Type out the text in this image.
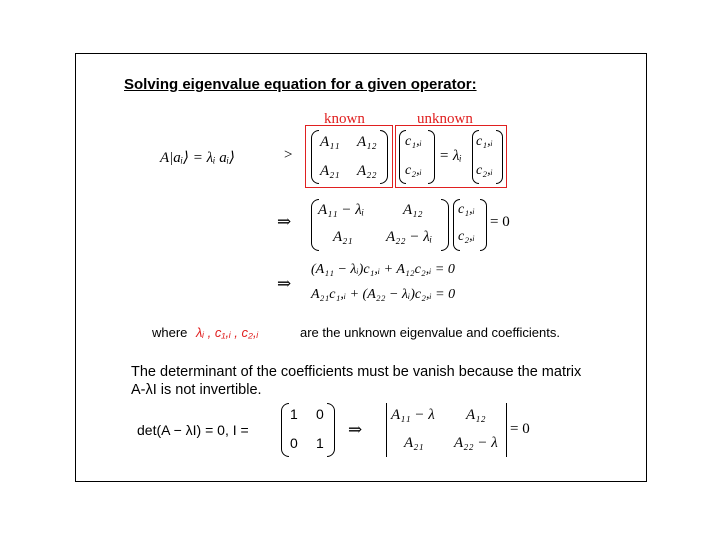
Solving eigenvalue equation for a given operator:
known	unknown
A|aᵢ⟩ = λᵢ aᵢ⟩	>
A₁₁ A₁₂
A₂₁ A₂₂
c₁,ᵢ
c₂,ᵢ
= λᵢ
c₁,ᵢ
c₂,ᵢ
⇒
A₁₁ − λᵢ	A₁₂
A₂₁ A₂₂ − λᵢ
c₁,ᵢ
c₂,ᵢ
= 0
⇒
(A₁₁ − λᵢ)c₁,ᵢ + A₁₂c₂,ᵢ = 0
A₂₁c₁,ᵢ + (A₂₂ − λᵢ)c₂,ᵢ = 0
where λᵢ , c₁,ᵢ , c₂,ᵢ	are the unknown eigenvalue and coefficients.
The determinant of the coefficients must be vanish because the matrix
A-λI is not invertible.
det(A − λI) = 0, I =
1 0
0 1
⇒
A₁₁ − λ A₁₂
A₂₁ A₂₂ − λ
= 0
